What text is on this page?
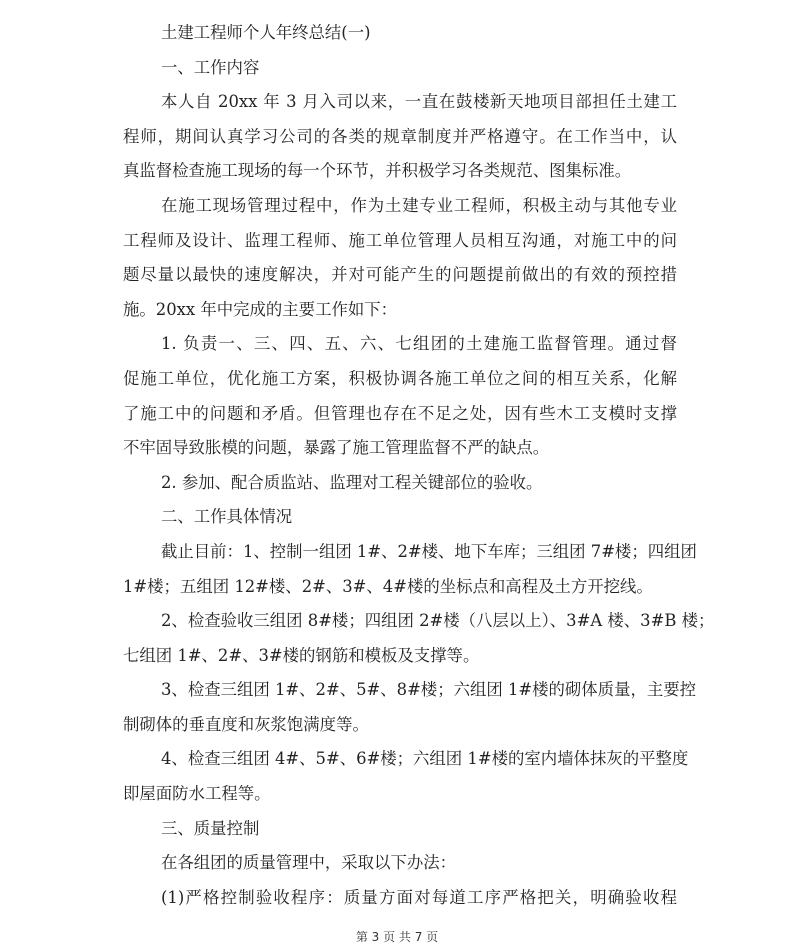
土建工程师个人年终总结(一)
一、工作内容
本人自 20xx 年 3 月入司以来，一直在鼓楼新天地项目部担任土建工
程师，期间认真学习公司的各类的规章制度并严格遵守。在工作当中，认
真监督检查施工现场的每一个环节，并积极学习各类规范、图集标准。
在施工现场管理过程中，作为土建专业工程师，积极主动与其他专业
工程师及设计、监理工程师、施工单位管理人员相互沟通，对施工中的问
题尽量以最快的速度解决，并对可能产生的问题提前做出的有效的预控措
施。20xx 年中完成的主要工作如下：
1. 负责一、三、四、五、六、七组团的土建施工监督管理。通过督
促施工单位，优化施工方案，积极协调各施工单位之间的相互关系，化解
了施工中的问题和矛盾。但管理也存在不足之处，因有些木工支模时支撑
不牢固导致胀模的问题，暴露了施工管理监督不严的缺点。
2. 参加、配合质监站、监理对工程关键部位的验收。
二、工作具体情况
截止目前：1、控制一组团 1#、2#楼、地下车库；三组团 7#楼；四组团
1#楼；五组团 12#楼、2#、3#、4#楼的坐标点和高程及土方开挖线。
2、检查验收三组团 8#楼；四组团 2#楼（八层以上）、3#A 楼、3#B 楼；
七组团 1#、2#、3#楼的钢筋和模板及支撑等。
3、检查三组团 1#、2#、5#、8#楼；六组团 1#楼的砌体质量，主要控
制砌体的垂直度和灰浆饱满度等。
4、检查三组团 4#、5#、6#楼；六组团 1#楼的室内墙体抹灰的平整度
即屋面防水工程等。
三、质量控制
在各组团的质量管理中，采取以下办法：
(1)严格控制验收程序：质量方面对每道工序严格把关，明确验收程
第 3 页 共 7 页
